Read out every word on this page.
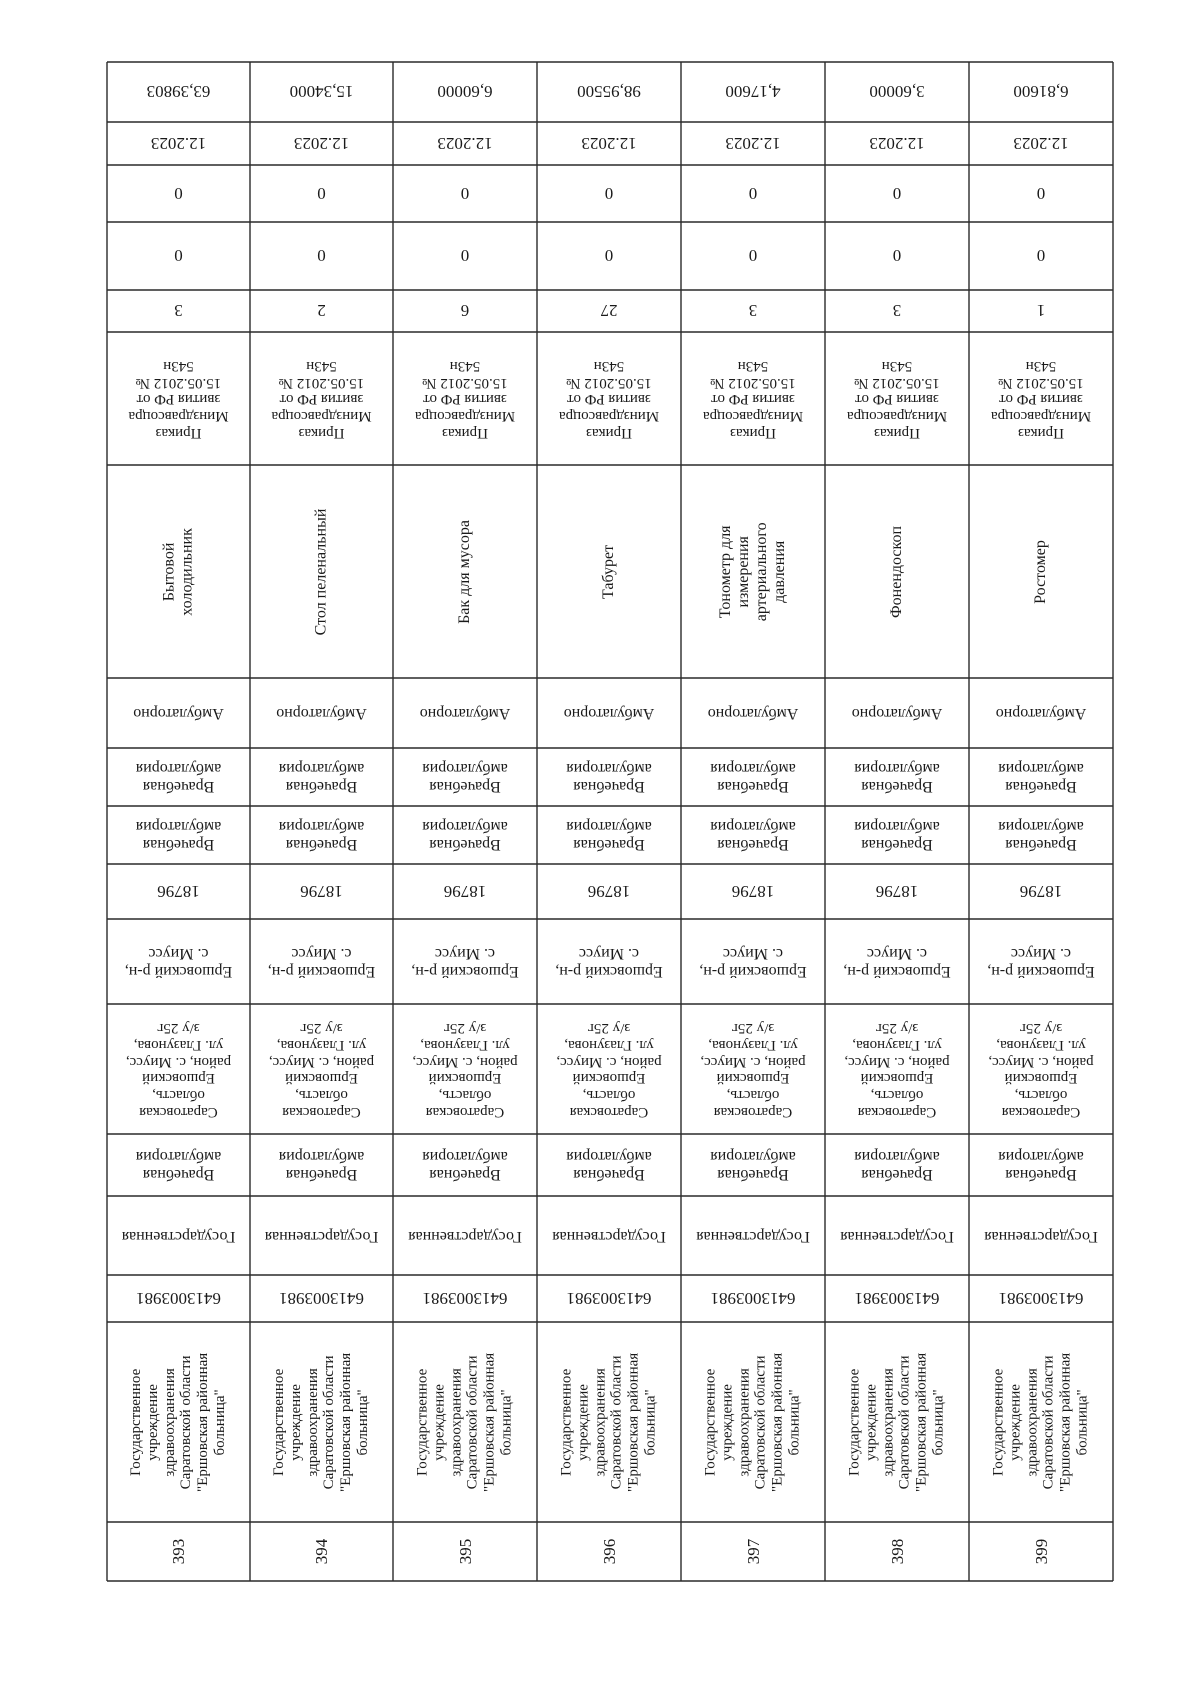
63,39803
12.2023
0
0
3
Приказ
Минздравсоцра
звития РФ от
15.05.2012 №
543н
Бытовой холодильник
Амбулаторно
Врачебная
амбулатория
Врачебная
амбулатория
18796
Ершовский р-н,
с. Миусс
Саратовская
область,
Ершовский
район, с. Миусс,
ул. Глазунова,
з/у 25г
Врачебная
амбулатория
Государственная
6413003981
Государственное
учреждение
здравоохранения
Саратовской области
"Ершовская районная
больница"
393
15,34000
12.2023
0
0
2
Приказ
Минздравсоцра
звития РФ от
15.05.2012 №
543н
Стол пеленальный
Амбулаторно
Врачебная
амбулатория
Врачебная
амбулатория
18796
Ершовский р-н,
с. Миусс
Саратовская
область,
Ершовский
район, с. Миусс,
ул. Глазунова,
з/у 25г
Врачебная
амбулатория
Государственная
6413003981
Государственное
учреждение
здравоохранения
Саратовской области
"Ершовская районная
больница"
394
6,60000
12.2023
0
0
6
Приказ
Минздравсоцра
звития РФ от
15.05.2012 №
543н
Бак для мусора
Амбулаторно
Врачебная
амбулатория
Врачебная
амбулатория
18796
Ершовский р-н,
с. Миусс
Саратовская
область,
Ершовский
район, с. Миусс,
ул. Глазунова,
з/у 25г
Врачебная
амбулатория
Государственная
6413003981
Государственное
учреждение
здравоохранения
Саратовской области
"Ершовская районная
больница"
395
98,95500
12.2023
0
0
27
Приказ
Минздравсоцра
звития РФ от
15.05.2012 №
543н
Табурет
Амбулаторно
Врачебная
амбулатория
Врачебная
амбулатория
18796
Ершовский р-н,
с. Миусс
Саратовская
область,
Ершовский
район, с. Миусс,
ул. Глазунова,
з/у 25г
Врачебная
амбулатория
Государственная
6413003981
Государственное
учреждение
здравоохранения
Саратовской области
"Ершовская районная
больница"
396
4,17600
12.2023
0
0
3
Приказ
Минздравсоцра
звития РФ от
15.05.2012 №
543н
Тонометр для измерения
артериального давления
Амбулаторно
Врачебная
амбулатория
Врачебная
амбулатория
18796
Ершовский р-н,
с. Миусс
Саратовская
область,
Ершовский
район, с. Миусс,
ул. Глазунова,
з/у 25г
Врачебная
амбулатория
Государственная
6413003981
Государственное
учреждение
здравоохранения
Саратовской области
"Ершовская районная
больница"
397
3,60000
12.2023
0
0
3
Приказ
Минздравсоцра
звития РФ от
15.05.2012 №
543н
Фонендоскоп
Амбулаторно
Врачебная
амбулатория
Врачебная
амбулатория
18796
Ершовский р-н,
с. Миусс
Саратовская
область,
Ершовский
район, с. Миусс,
ул. Глазунова,
з/у 25г
Врачебная
амбулатория
Государственная
6413003981
Государственное
учреждение
здравоохранения
Саратовской области
"Ершовская районная
больница"
398
6,81600
12.2023
0
0
1
Приказ
Минздравсоцра
звития РФ от
15.05.2012 №
543н
Ростомер
Амбулаторно
Врачебная
амбулатория
Врачебная
амбулатория
18796
Ершовский р-н,
с. Миусс
Саратовская
область,
Ершовский
район, с. Миусс,
ул. Глазунова,
з/у 25г
Врачебная
амбулатория
Государственная
6413003981
Государственное
учреждение
здравоохранения
Саратовской области
"Ершовская районная
больница"
399
